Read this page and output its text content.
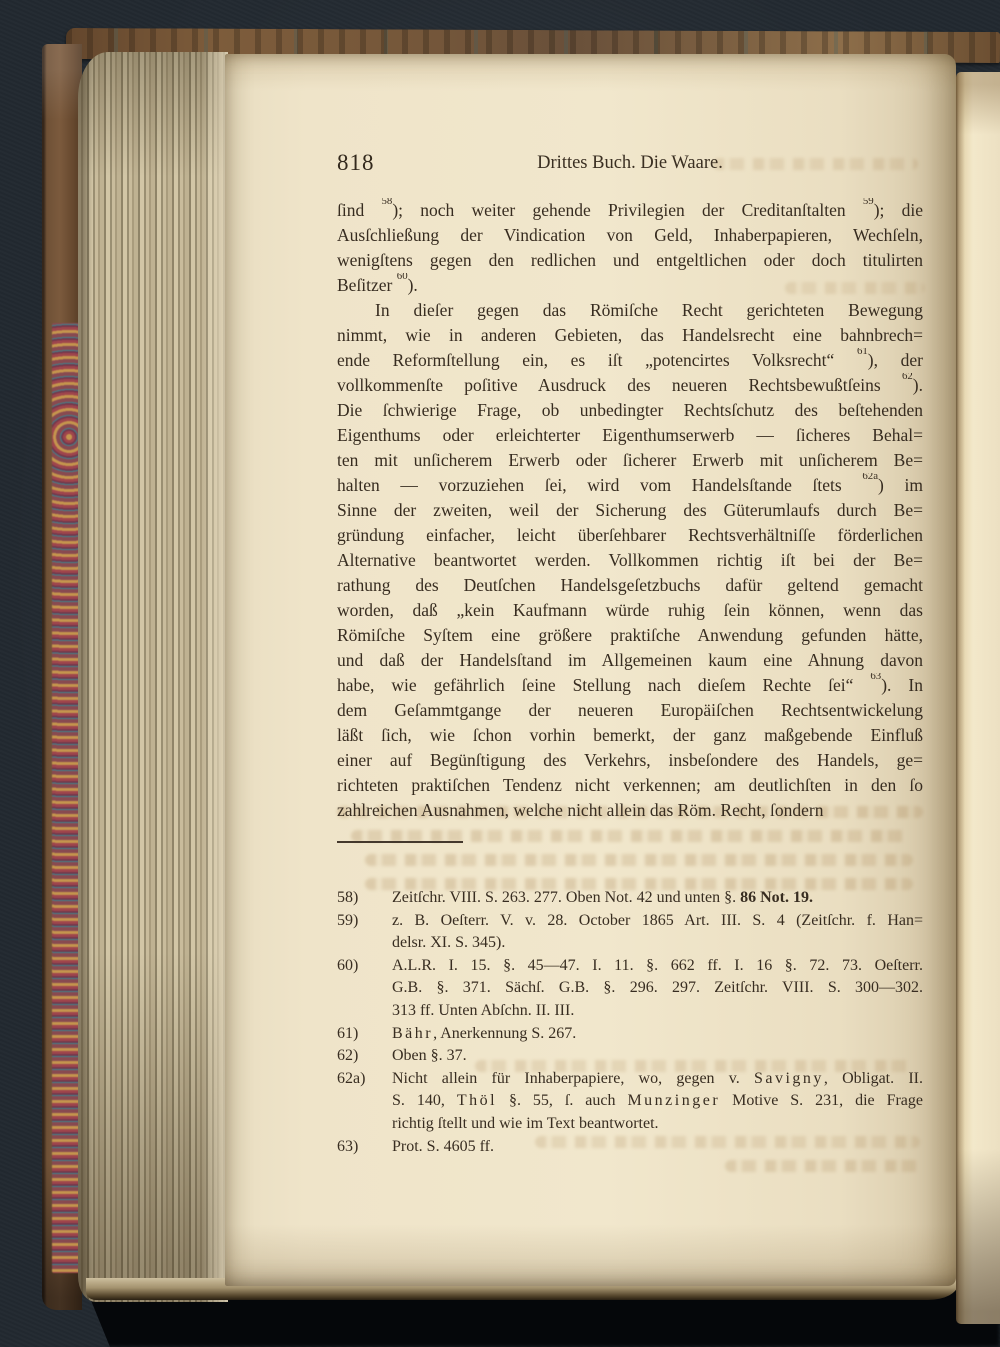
818	Drittes Buch. Die Waare.
ſind $^{58}$); noch weiter gehende Privilegien der Creditanſtalten $^{59}$); die
Ausſchließung der Vindication von Geld, Inhaberpapieren, Wechſeln,
wenigſtens gegen den redlichen und entgeltlichen oder doch titulirten
Beſitzer $^{60}$).
In dieſer gegen das Römiſche Recht gerichteten Bewegung
nimmt, wie in anderen Gebieten, das Handelsrecht eine bahnbrech=
ende Reformſtellung ein, es iſt „potencirtes Volksrecht“ $^{61}$), der
vollkommenſte poſitive Ausdruck des neueren Rechtsbewußtſeins $^{62}$).
Die ſchwierige Frage, ob unbedingter Rechtsſchutz des beſtehenden
Eigenthums oder erleichterter Eigenthumserwerb — ſicheres Behal=
ten mit unſicherem Erwerb oder ſicherer Erwerb mit unſicherem Be=
halten — vorzuziehen ſei, wird vom Handelsſtande ſtets $^{62a}$) im
Sinne der zweiten, weil der Sicherung des Güterumlaufs durch Be=
gründung einfacher, leicht überſehbarer Rechtsverhältniſſe förderlichen
Alternative beantwortet werden. Vollkommen richtig iſt bei der Be=
rathung des Deutſchen Handelsgeſetzbuchs dafür geltend gemacht
worden, daß „kein Kaufmann würde ruhig ſein können, wenn das
Römiſche Syſtem eine größere praktiſche Anwendung gefunden hätte,
und daß der Handelsſtand im Allgemeinen kaum eine Ahnung davon
habe, wie gefährlich ſeine Stellung nach dieſem Rechte ſei“ $^{63}$). In
dem Geſammtgange der neueren Europäiſchen Rechtsentwickelung
läßt ſich, wie ſchon vorhin bemerkt, der ganz maßgebende Einfluß
einer auf Begünſtigung des Verkehrs, insbeſondere des Handels, ge=
richteten praktiſchen Tendenz nicht verkennen; am deutlichſten in den ſo
zahlreichen Ausnahmen, welche nicht allein das Röm. Recht, ſondern
58)	Zeitſchr. VIII. S. 263. 277. Oben Not. 42 und unten §. 86 Not. 19.
59)	z. B. Oeſterr. V. v. 28. October 1865 Art. III. S. 4 (Zeitſchr. f. Han=
delsr. XI. S. 345).
60)	A.L.R. I. 15. §. 45—47. I. 11. §. 662 ff. I. 16 §. 72. 73. Oeſterr.
G.B. §. 371. Sächſ. G.B. §. 296. 297. Zeitſchr. VIII. S. 300—302.
313 ff. Unten Abſchn. II. III.
61)	Bähr, Anerkennung S. 267.
62)	Oben §. 37.
62a)	Nicht allein für Inhaberpapiere, wo, gegen v. Savigny, Obligat. II.
S. 140, Thöl §. 55, ſ. auch Munzinger Motive S. 231, die Frage
richtig ſtellt und wie im Text beantwortet.
63)	Prot. S. 4605 ff.
